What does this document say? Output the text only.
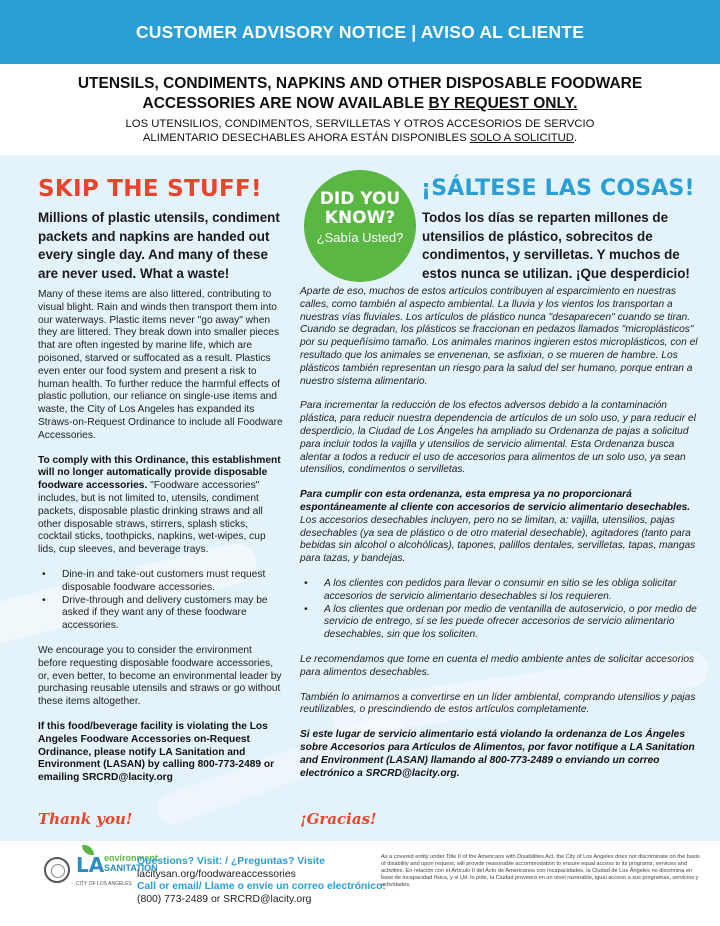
CUSTOMER ADVISORY NOTICE | AVISO AL CLIENTE
UTENSILS, CONDIMENTS, NAPKINS AND OTHER DISPOSABLE FOODWARE
ACCESSORIES ARE NOW AVAILABLE BY REQUEST ONLY.
LOS UTENSILIOS, CONDIMENTOS, SERVILLETAS Y OTROS ACCESORIOS DE SERVCIO
ALIMENTARIO DESECHABLES AHORA ESTÁN DISPONIBLES SOLO A SOLICITUD.
SKIP THE STUFF!	¡SÁLTESE LAS COSAS!
DID YOU
KNOW?
¿Sabía Usted?
Millions of plastic utensils, condiment packets and napkins are handed out every single day. And many of these are never used. What a waste!
Todos los días se reparten millones de utensilios de plástico, sobrecitos de condimentos, y servilletas. Y muchos de estos nunca se utilizan. ¡Que desperdicio!

Many of these items are also littered, contributing to visual blight. Rain and winds then transport them into our waterways. Plastic items never "go away" when they are littered. They break down into smaller pieces that are often ingested by marine life, which are poisoned, starved or suffocated as a result. Plastics even enter our food system and present a risk to human health. To further reduce the harmful effects of plastic pollution, our reliance on single-use items and waste, the City of Los Angeles has expanded its Straws-on-Request Ordinance to include all Foodware Accessories.

To comply with this Ordinance, this establishment will no longer automatically provide disposable foodware accessories. "Foodware accessories" includes, but is not limited to, utensils, condiment packets, disposable plastic drinking straws and all other disposable straws, stirrers, splash sticks, cocktail sticks, toothpicks, napkins, wet-wipes, cup lids, cup sleeves, and beverage trays.

• Dine-in and take-out customers must request disposable foodware accessories.
• Drive-through and delivery customers may be asked if they want any of these foodware accessories.

We encourage you to consider the environment before requesting disposable foodware accessories, or, even better, to become an environmental leader by purchasing reusable utensils and straws or go without these items altogether.

If this food/beverage facility is violating the Los Angeles Foodware Accessories on-Request Ordinance, please notify LA Sanitation and Environment (LASAN) by calling 800-773-2489 or emailing SRCRD@lacity.org

Aparte de eso, muchos de estos artículos contribuyen al esparcimiento en nuestras calles, como también al aspecto ambiental. La lluvia y los vientos los transportan a nuestras vías fluviales. Los artículos de plástico nunca "desaparecen" cuando se tiran. Cuando se degradan, los plásticos se fraccionan en pedazos llamados "microplásticos" por su pequeñísimo tamaño. Los animales marinos ingieren estos microplásticos, con el resultado que los animales se envenenan, se asfixian, o se mueren de hambre. Los plásticos también representan un riesgo para la salud del ser humano, porque entran a nuestro sistema alimentario.

Para incrementar la reducción de los efectos adversos debido a la contaminación plástica, para reducir nuestra dependencia de artículos de un solo uso, y para reducir el desperdicio, la Ciudad de Los Ángeles ha ampliado su Ordenanza de pajas a solicitud para incluir todos la vajilla y utensilios de servicio alimental. Esta Ordenanza busca alentar a todos a reducir el uso de accesorios para alimentos de un solo uso, ya sean utensilios, condimentos o servilletas.

Para cumplir con esta ordenanza, esta empresa ya no proporcionará espontáneamente al cliente con accesorios de servicio alimentario desechables. Los accesorios desechables incluyen, pero no se limitan, a: vajilla, utensilios, pajas desechables (ya sea de plástico o de otro material desechable), agitadores (tanto para bebidas sin alcohol o alcohólicas), tapones, palillos dentales, servilletas, tapas, mangas para tazas, y bandejas.

• A los clientes con pedidos para llevar o consumir en sitio se les obliga solicitar accesorios de servicio alimentario desechables si los requieren.
• A los clientes que ordenan por medio de ventanilla de autoservicio, o por medio de servicio de entrego, sí se les puede ofrecer accesorios de servicio alimentario desechables, sin que los soliciten.

Le recomendamos que tome en cuenta el medio ambiente antes de solicitar accesorios para alimentos desechables.

También lo animamos a convertirse en un líder ambiental, comprando utensilios y pajas reutilizables, o prescindiendo de estos artículos completamente.

Si este lugar de servicio alimentario está violando la ordenanza de Los Ángeles sobre Accesorios para Artículos de Alimentos, por favor notifique a LA Sanitation and Environment (LASAN) llamando al 800-773-2489 o enviando un correo electrónico a SRCRD@lacity.org.

Thank you!	¡Gracias!
LA environment
SANITATION
CITY OF LOS ANGELES
Questions? Visit: / ¿Preguntas? Visite
lacitysan.org/foodwareaccessories
Call or email/ Llame o envíe un correo electrónico:
(800) 773-2489 or SRCRD@lacity.org
As a covered entity under Title II of the Americans with Disabilities Act, the City of Los Angeles does not discriminate on the basis of disability and upon request, will provide reasonable accommodation to ensure equal access to its programs, services and activities. En relación con el Artículo II del Acto de Americanos con Incapacidades, la Ciudad de Los Ángeles no discrimina en base de incapacidad física, y si Ud. lo pide, la Ciudad proveerá en un nivel razonable, igual acceso a sus programas, servicios y actividades.
